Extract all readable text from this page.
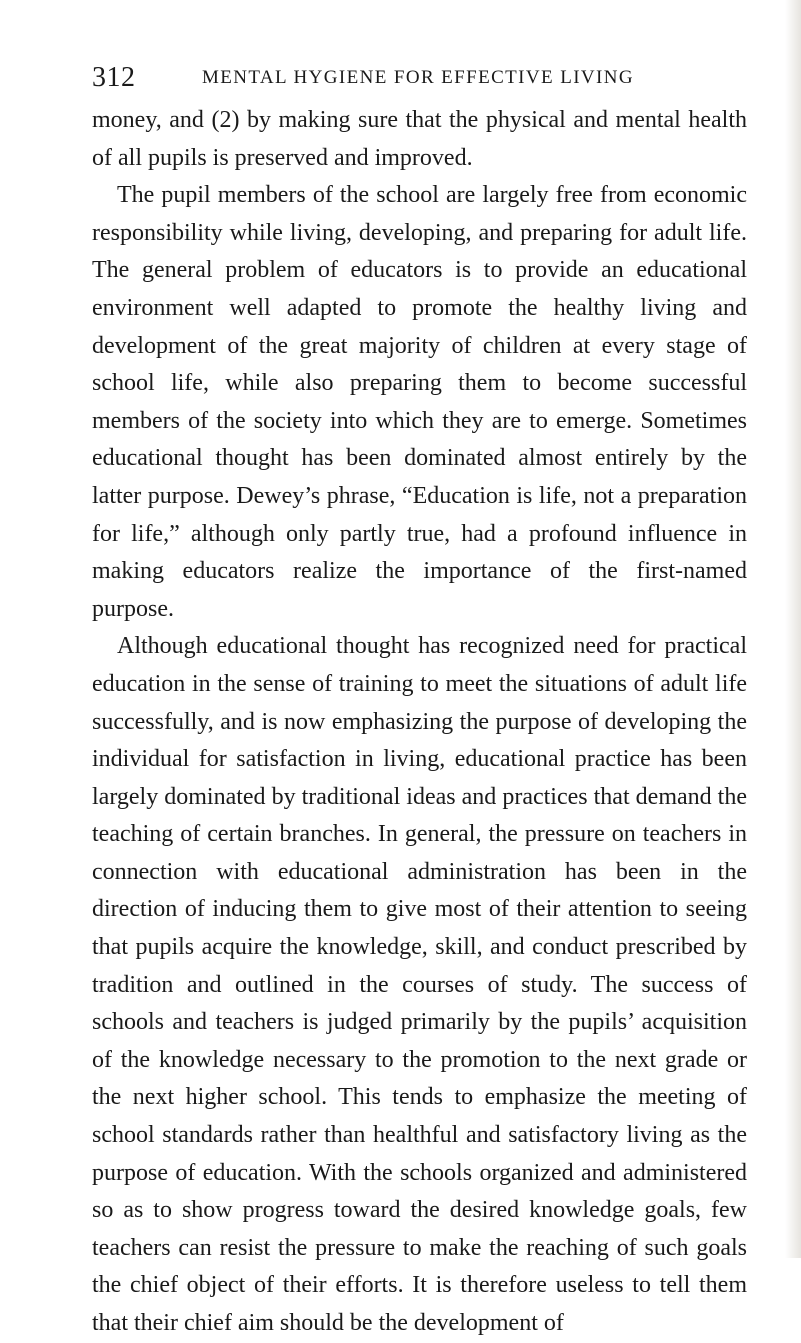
312	MENTAL HYGIENE FOR EFFECTIVE LIVING

money, and (2) by making sure that the physical and mental health of all pupils is preserved and improved.

The pupil members of the school are largely free from economic responsibility while living, developing, and preparing for adult life. The general problem of educators is to provide an educational environment well adapted to promote the healthy living and development of the great majority of children at every stage of school life, while also preparing them to become successful members of the society into which they are to emerge. Sometimes educational thought has been dominated almost entirely by the latter purpose. Dewey’s phrase, “Education is life, not a preparation for life,” although only partly true, had a profound influence in making educators realize the importance of the first-named purpose.

Although educational thought has recognized need for practical education in the sense of training to meet the situations of adult life successfully, and is now emphasizing the purpose of developing the individual for satisfaction in living, educational practice has been largely dominated by traditional ideas and practices that demand the teaching of certain branches. In general, the pressure on teachers in connection with educational administration has been in the direction of inducing them to give most of their attention to seeing that pupils acquire the knowledge, skill, and conduct prescribed by tradition and outlined in the courses of study. The success of schools and teachers is judged primarily by the pupils’ acquisition of the knowledge necessary to the promotion to the next grade or the next higher school. This tends to emphasize the meeting of school standards rather than healthful and satisfactory living as the purpose of education. With the schools organized and administered so as to show progress toward the desired knowledge goals, few teachers can resist the pressure to make the reaching of such goals the chief object of their efforts. It is therefore useless to tell them that their chief aim should be the development of
